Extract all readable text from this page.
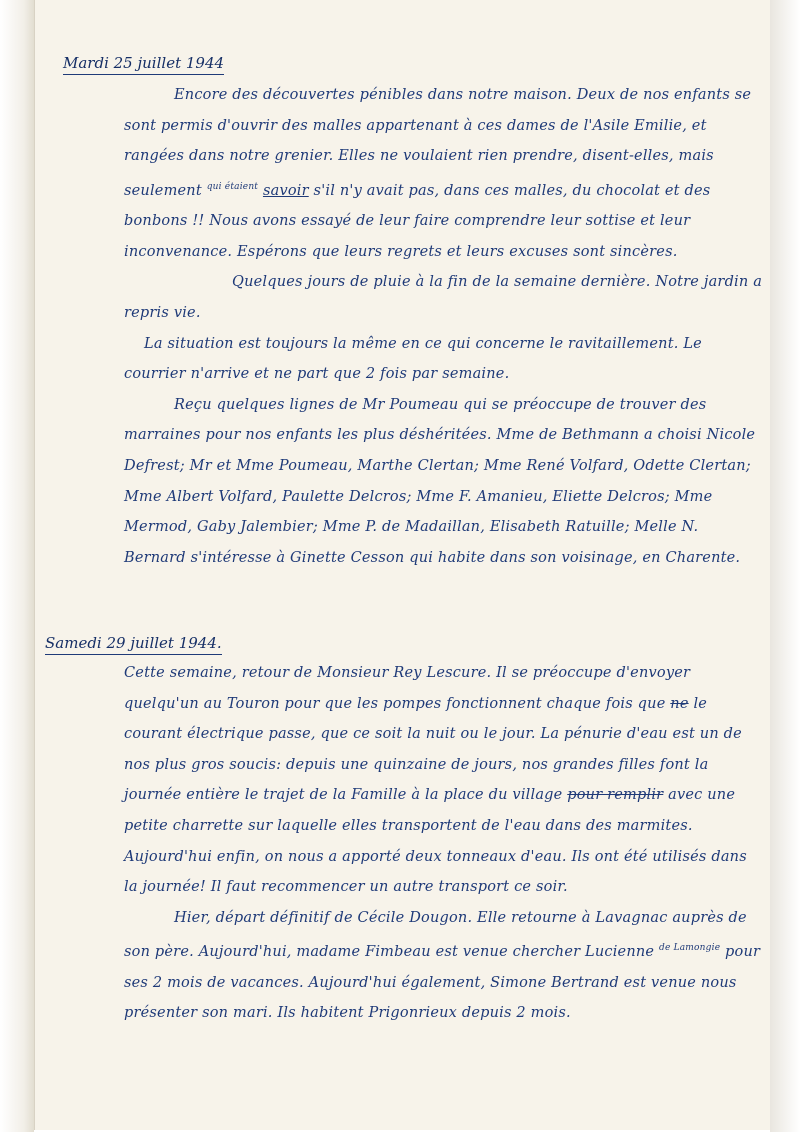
Mardi 25 juillet 1944

Encore des découvertes pénibles dans notre maison. Deux de nos enfants se sont permis d'ouvrir des malles appartenant à ces dames de l'Asile Emilie, et rangées dans notre grenier. Elles ne voulaient rien prendre, disent-elles, mais seulement $^{qui étaient}$ savoir s'il n'y avait pas, dans ces malles, du chocolat et des bonbons !! Nous avons essayé de leur faire comprendre leur sottise et leur inconvenance. Espérons que leurs regrets et leurs excuses sont sincères.

Quelques jours de pluie à la fin de la semaine dernière. Notre jardin a repris vie.

La situation est toujours la même en ce qui concerne le ravitaillement. Le courrier n'arrive et ne part que 2 fois par semaine.

Reçu quelques lignes de Mr Poumeau qui se préoccupe de trouver des marraines pour nos enfants les plus déshéritées. Mme de Bethmann a choisi Nicole Defrest; Mr et Mme Poumeau, Marthe Clertan; Mme René Volfard, Odette Clertan; Mme Albert Volfard, Paulette Delcros; Mme F. Amanieu, Eliette Delcros; Mme Mermod, Gaby Jalembier; Mme P. de Madaillan, Elisabeth Ratuille; Melle N. Bernard s'intéresse à Ginette Cesson qui habite dans son voisinage, en Charente.

Samedi 29 juillet 1944.

Cette semaine, retour de Monsieur Rey Lescure. Il se préoccupe d'envoyer quelqu'un au Touron pour que les pompes fonctionnent chaque fois que ne le courant électrique passe, que ce soit la nuit ou le jour. La pénurie d'eau est un de nos plus gros soucis: depuis une quinzaine de jours, nos grandes filles font la journée entière le trajet de la Famille à la place du village pour remplir avec une petite charrette sur laquelle elles transportent de l'eau dans des marmites. Aujourd'hui enfin, on nous a apporté deux tonneaux d'eau. Ils ont été utilisés dans la journée! Il faut recommencer un autre transport ce soir.

Hier, départ définitif de Cécile Dougon. Elle retourne à Lavagnac auprès de son père. Aujourd'hui, madame Fimbeau est venue chercher Lucienne $^{de Lamongie}$ pour ses 2 mois de vacances. Aujourd'hui également, Simone Bertrand est venue nous présenter son mari. Ils habitent Prigonrieux depuis 2 mois.
